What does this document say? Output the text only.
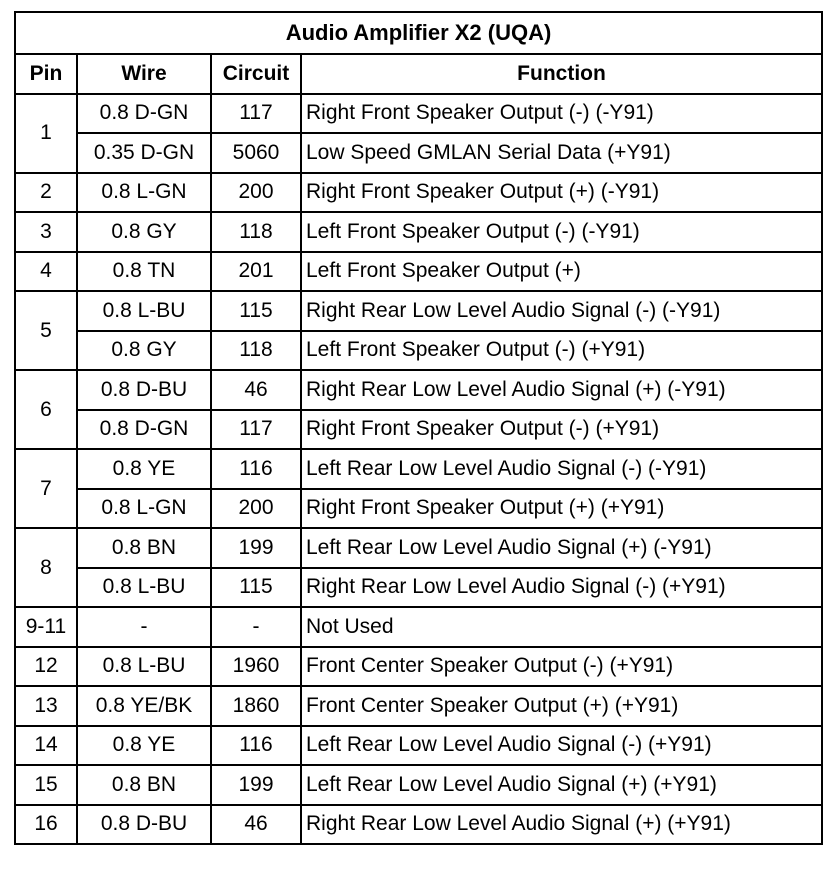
Audio Amplifier X2 (UQA)			
Pin	Wire	Circuit	Function
1	0.8 D-GN	117	Right Front Speaker Output (-) (-Y91)
	0.35 D-GN	5060	Low Speed GMLAN Serial Data (+Y91)
2	0.8 L-GN	200	Right Front Speaker Output (+) (-Y91)
3	0.8 GY	118	Left Front Speaker Output (-) (-Y91)
4	0.8 TN	201	Left Front Speaker Output (+)
5	0.8 L-BU	115	Right Rear Low Level Audio Signal (-) (-Y91)
	0.8 GY	118	Left Front Speaker Output (-) (+Y91)
6	0.8 D-BU	46	Right Rear Low Level Audio Signal (+) (-Y91)
	0.8 D-GN	117	Right Front Speaker Output (-) (+Y91)
7	0.8 YE	116	Left Rear Low Level Audio Signal (-) (-Y91)
	0.8 L-GN	200	Right Front Speaker Output (+) (+Y91)
8	0.8 BN	199	Left Rear Low Level Audio Signal (+) (-Y91)
	0.8 L-BU	115	Right Rear Low Level Audio Signal (-) (+Y91)
9-11	-	-	Not Used
12	0.8 L-BU	1960	Front Center Speaker Output (-) (+Y91)
13	0.8 YE/BK	1860	Front Center Speaker Output (+) (+Y91)
14	0.8 YE	116	Left Rear Low Level Audio Signal (-) (+Y91)
15	0.8 BN	199	Left Rear Low Level Audio Signal (+) (+Y91)
16	0.8 D-BU	46	Right Rear Low Level Audio Signal (+) (+Y91)
